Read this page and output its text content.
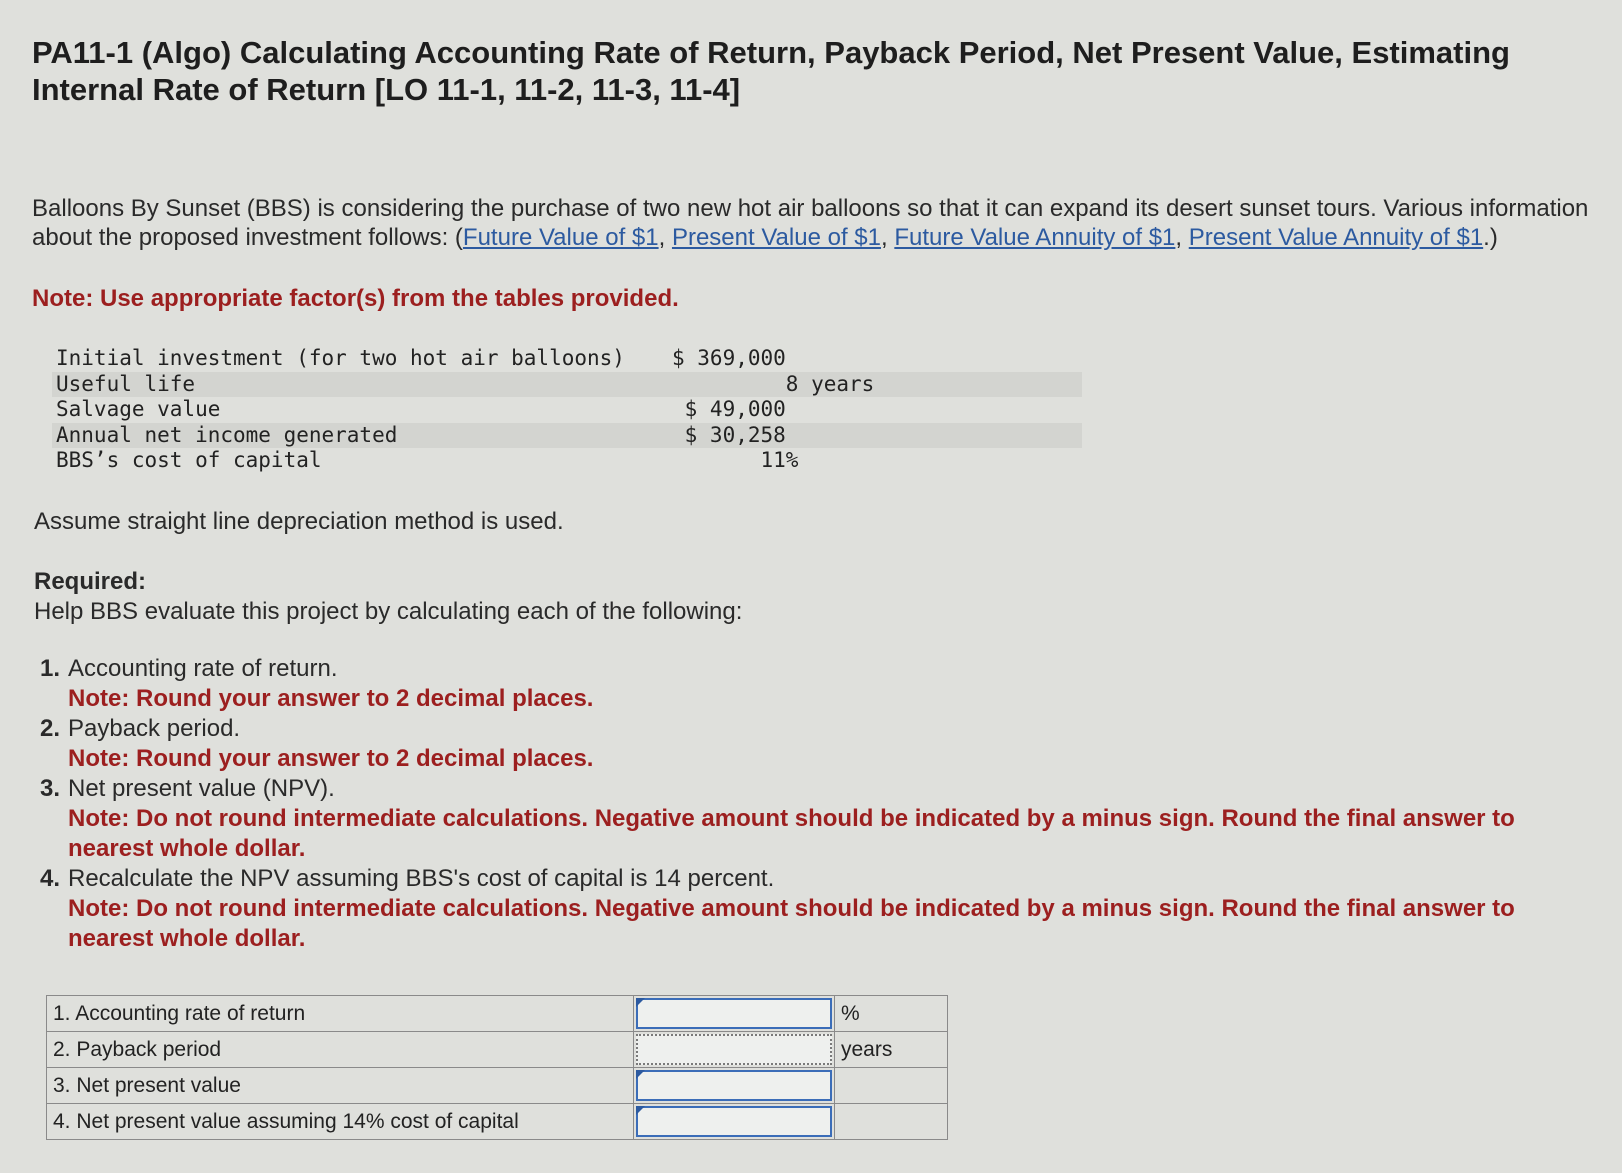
PA11-1 (Algo) Calculating Accounting Rate of Return, Payback Period, Net Present Value, Estimating Internal Rate of Return [LO 11-1, 11-2, 11-3, 11-4]

Balloons By Sunset (BBS) is considering the purchase of two new hot air balloons so that it can expand its desert sunset tours. Various information about the proposed investment follows: (Future Value of $1, Present Value of $1, Future Value Annuity of $1, Present Value Annuity of $1.)

Note: Use appropriate factor(s) from the tables provided.

Initial investment (for two hot air balloons)	$ 369,000
Useful life	8 years
Salvage value	$ 49,000
Annual net income generated	$ 30,258
BBS’s cost of capital	11%

Assume straight line depreciation method is used.

Required:

Help BBS evaluate this project by calculating each of the following:

1. Accounting rate of return.
Note: Round your answer to 2 decimal places.
2. Payback period.
Note: Round your answer to 2 decimal places.
3. Net present value (NPV).
Note: Do not round intermediate calculations. Negative amount should be indicated by a minus sign. Round the final answer to nearest whole dollar.
4. Recalculate the NPV assuming BBS's cost of capital is 14 percent.
Note: Do not round intermediate calculations. Negative amount should be indicated by a minus sign. Round the final answer to nearest whole dollar.
1. Accounting rate of return		%
2. Payback period		years
3. Net present value	

4. Net present value assuming 14% cost of capital	
